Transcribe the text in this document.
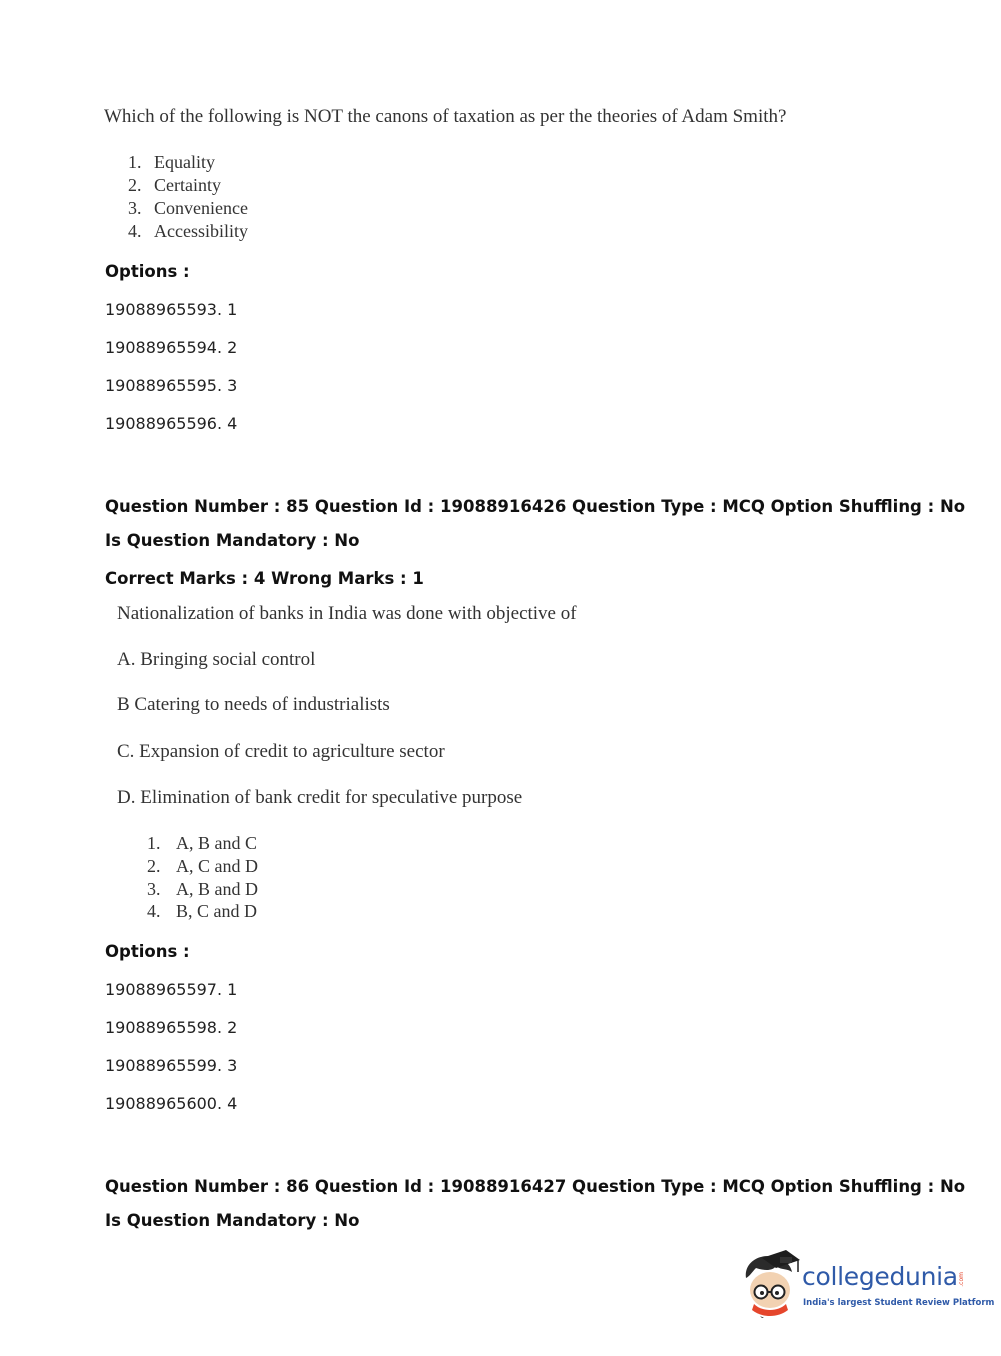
Which of the following is NOT the canons of taxation as per the theories of Adam Smith?
1. Equality
2. Certainty
3. Convenience
4. Accessibility
Options :
19088965593. 1
19088965594. 2
19088965595. 3
19088965596. 4
Question Number : 85 Question Id : 19088916426 Question Type : MCQ Option Shuffling : No
Is Question Mandatory : No
Correct Marks : 4 Wrong Marks : 1
Nationalization of banks in India was done with objective of
A. Bringing social control
B Catering to needs of industrialists
C. Expansion of credit to agriculture sector
D. Elimination of bank credit for speculative purpose
1. A, B and C
2. A, C and D
3. A, B and D
4. B, C and D
Options :
19088965597. 1
19088965598. 2
19088965599. 3
19088965600. 4
Question Number : 86 Question Id : 19088916427 Question Type : MCQ Option Shuffling : No
Is Question Mandatory : No
collegedunia .com
India's largest Student Review Platform
